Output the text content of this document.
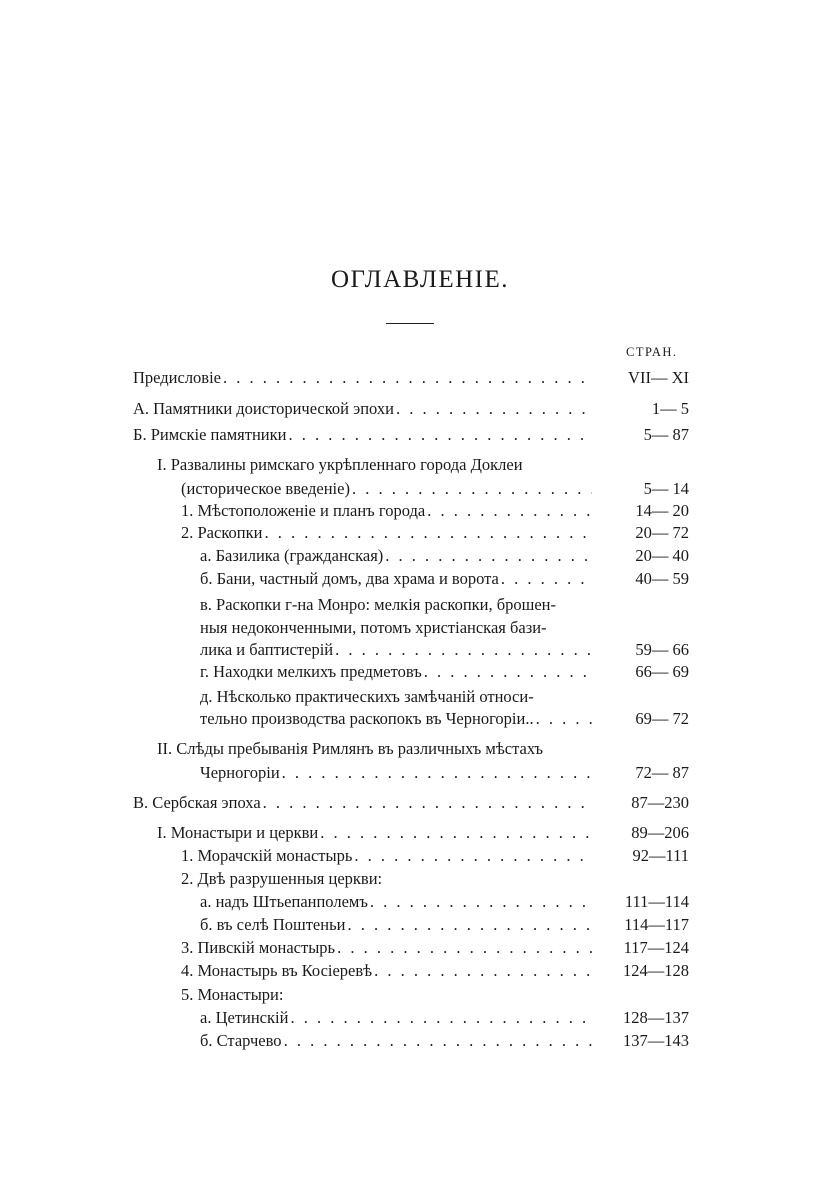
ОГЛАВЛЕНІЕ.
СТРАН.
Предисловіе . . .	VII— XI
А. Памятники доисторической эпохи . . .	1— 5
Б. Римскіе памятники . . .	5— 87
I. Развалины римскаго укрѣпленнаго города Доклеи
(историческое введеніе) . . .	5— 14
1. Мѣстоположеніе и планъ города . . .	14— 20
2. Раскопки . . .	20— 72
а. Базилика (гражданская) . . .	20— 40
б. Бани, частный домъ, два храма и ворота . . .	40— 59
в. Раскопки г-на Монро: мелкія раскопки, брошен-
ныя недоконченными, потомъ христіанская бази-
лика и баптистерій . . .	59— 66
г. Находки мелкихъ предметовъ . . .	66— 69
д. Нѣсколько практическихъ замѣчаній относи-
тельно производства раскопокъ въ Черногоріи.. . . .	69— 72
II. Слѣды пребыванія Римлянъ въ различныхъ мѣстахъ
Черногоріи . . .	72— 87
В. Сербская эпоха . . .	87—230
I. Монастыри и церкви . . .	89—206
1. Морачскій монастырь . . .	92—111
2. Двѣ разрушенныя церкви:
а. надъ Штьепанполемъ . . .	111—114
б. въ селѣ Поштеньи . . .	114—117
3. Пивскій монастырь . . .	117—124
4. Монастырь въ Косіеревѣ . . .	124—128
5. Монастыри:
а. Цетинскій . . .	128—137
б. Старчево . . .	137—143
